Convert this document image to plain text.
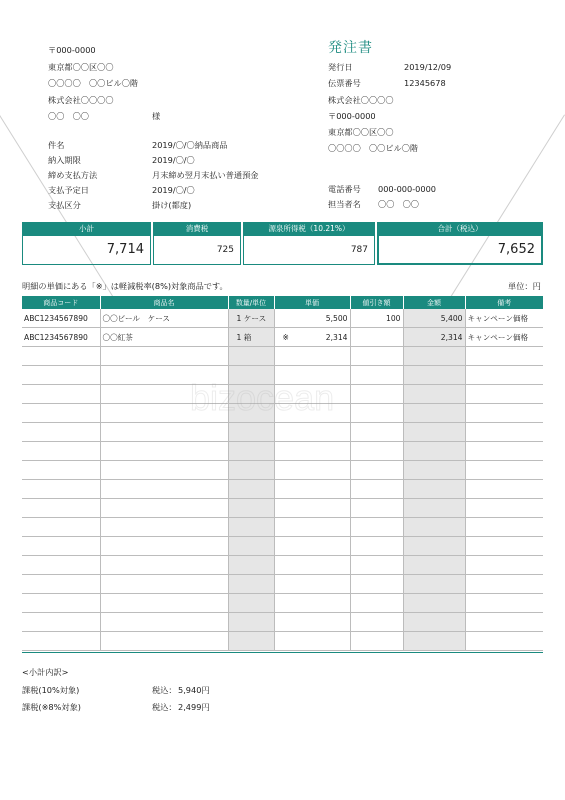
発注書
〒000-0000
東京都〇〇区〇〇
〇〇〇〇　〇〇ビル〇階
株式会社〇〇〇〇
〇〇　〇〇	様
発行日	2019/12/09
伝票番号	12345678
株式会社〇〇〇〇
〒000-0000
東京都〇〇区〇〇
〇〇〇〇　〇〇ビル〇階
電話番号 000-000-0000
担当者名 〇〇　〇〇
件名	2019/〇/〇納品商品
納入期限	2019/〇/〇
締め支払方法	月末締め翌月末払い普通預金
支払予定日	2019/〇/〇
支払区分	掛け(都度)
小計
7,714
消費税
725
源泉所得税（10.21%）
787
合計（税込）
7,652
明細の単価にある「※」は軽減税率(8%)対象商品です。	単位：円
商品コード	商品名	数量/単位	単価	値引き額	金額	備考
ABC1234567890	〇〇ビール　ケース	1 ケース	5,500	100	5,400	キャンペーン価格
ABC1234567890	〇〇紅茶	1 箱	※ 2,314		2,314	キャンペーン価格

bizocean
<小計内訳>
課税(10%対象)	税込： 5,940円
課税(※8%対象)	税込： 2,499円
